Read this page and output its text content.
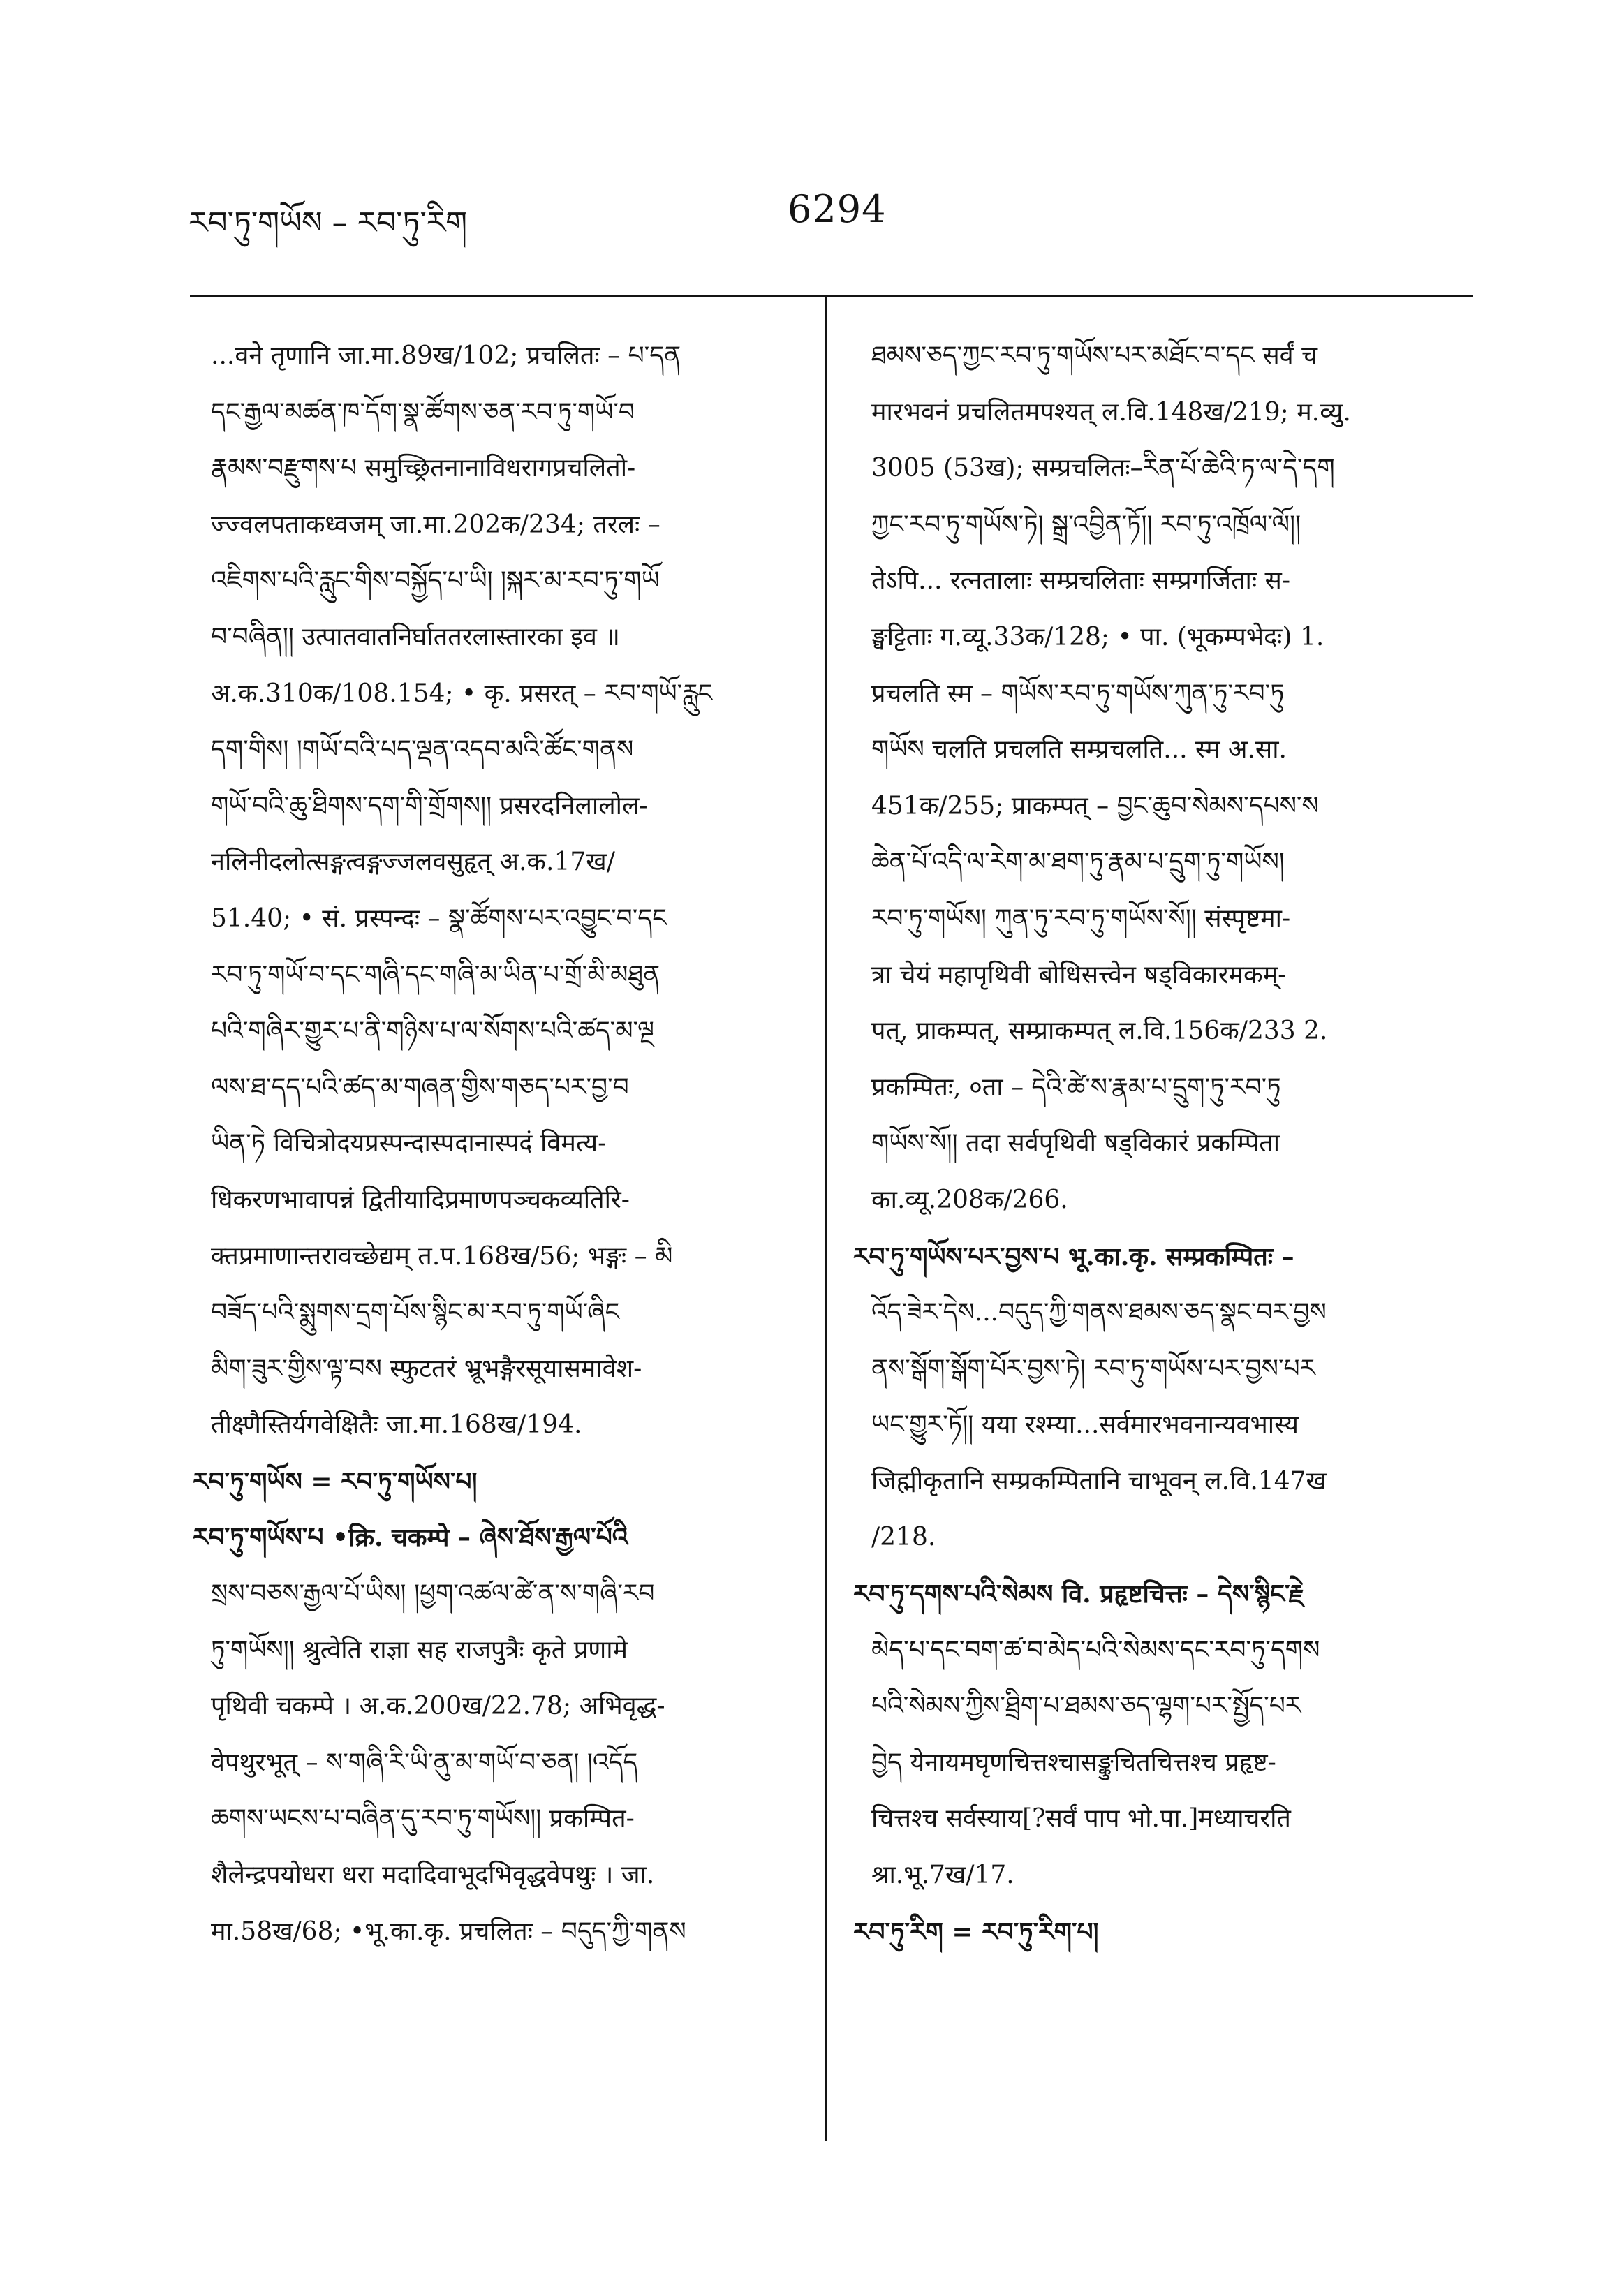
རབ་ཏུ་གཡོས – རབ་ཏུ་རིག	6294
...वने तृणानि जा.मा.89ख/102; प्रचलितः – པ་དན
དང་རྒྱལ་མཚན་ཁ་དོག་སྣ་ཚོགས་ཅན་རབ་ཏུ་གཡོ་བ
རྣམས་བརྫུགས་པ समुच्छ्रितनानाविधरागप्रचलितो-
ज्ज्वलपताकध्वजम् जा.मा.202क/234; तरलः –
འཇིགས་པའི་རླུང་གིས་བསྐྱོད་པ་ཡི། །སྐར་མ་རབ་ཏུ་གཡོ
བ་བཞིན།། उत्पातवातनिर्घाततरलास्तारका इव ॥
अ.क.310क/108.154; • कृ. प्रसरत् – རབ་གཡོ་རླུང
དག་གིས། །གཡོ་བའི་པད་ལྡན་འདབ་མའི་ཚོང་གནས
གཡོ་བའི་ཆུ་ཐིགས་དག་གི་གྲོགས།། प्रसरदनिलालोल-
नलिनीदलोत्सङ्गत्वङ्गज्जलवसुहृत् अ.क.17ख/
51.40; • सं. प्रस्पन्दः – སྣ་ཚོགས་པར་འབྱུང་བ་དང
རབ་ཏུ་གཡོ་བ་དང་གཞི་དང་གཞི་མ་ཡིན་པ་གྲོ་མི་མཐུན
པའི་གཞིར་གྱུར་པ་ནི་གཉིས་པ་ལ་སོགས་པའི་ཚད་མ་ལྔ
ལས་ཐ་དད་པའི་ཚད་མ་གཞན་གྱིས་གཅད་པར་བྱ་བ
ཡིན་ཏེ विचित्रोदयप्रस्पन्दास्पदानास्पदं विमत्य-
धिकरणभावापन्नं द्वितीयादिप्रमाणपञ्चकव्यतिरि-
क्तप्रमाणान्तरावच्छेद्यम् त.प.168ख/56; भङ्गः – མི
བཟོད་པའི་སྨུགས་དྲག་པོས་སྙིང་མ་རབ་ཏུ་གཡོ་ཞིང
མིག་ཟུར་གྱིས་ལྟ་བས स्फुटतरं भ्रूभङ्गैरसूयासमावेश-
तीक्ष्णैस्तिर्यगवेक्षितैः जा.मा.168ख/194.
རབ་ཏུ་གཡོས = རབ་ཏུ་གཡོས་པ།
རབ་ཏུ་གཡོས་པ •क्रि. चकम्पे – ཞེས་ཐོས་རྒྱལ་པོའི
སྲས་བཅས་རྒྱལ་པོ་ཡིས། །ཕྱག་འཚལ་ཚེ་ན་ས་གཞི་རབ
ཏུ་གཡོས།། श्रुत्वेति राज्ञा सह राजपुत्रैः कृते प्रणामे
पृथिवी चकम्पे । अ.क.200ख/22.78; अभिवृद्ध-
वेपथुरभूत् – ས་གཞི་རི་ཡི་ནུ་མ་གཡོ་བ་ཅན། །འདོད
ཆགས་ཡངས་པ་བཞིན་དུ་རབ་ཏུ་གཡོས།། प्रकम्पित-
शैलेन्द्रपयोधरा धरा मदादिवाभूदभिवृद्धवेपथुः । जा.
मा.58ख/68; •भू.का.कृ. प्रचलितः – བདུད་ཀྱི་གནས
ཐམས་ཅད་ཀྱང་རབ་ཏུ་གཡོས་པར་མཐོང་བ་དང सर्वं च
मारभवनं प्रचलितमपश्यत् ल.वि.148ख/219; म.व्यु.
3005 (53ख); सम्प्रचलितः–རིན་པོ་ཆེའི་ཏ་ལ་དེ་དག
ཀྱང་རབ་ཏུ་གཡོས་ཏེ། སྒྲ་འབྱིན་ཏོ།། རབ་ཏུ་འཁྲོལ་ལོ།།
तेऽपि... रत्नतालाः सम्प्रचलिताः सम्प्रगर्जिताः स-
ङ्घट्टिताः ग.व्यू.33क/128; • पा. (भूकम्पभेदः) 1.
प्रचलति स्म – གཡོས་རབ་ཏུ་གཡོས་ཀུན་ཏུ་རབ་ཏུ
གཡོས चलति प्रचलति सम्प्रचलति... स्म अ.सा.
451क/255; प्राकम्पत् – བྱང་ཆུབ་སེམས་དཔས་ས
ཆེན་པོ་འདི་ལ་རེག་མ་ཐག་ཏུ་རྣམ་པ་དྲུག་ཏུ་གཡོས།
རབ་ཏུ་གཡོས། ཀུན་ཏུ་རབ་ཏུ་གཡོས་སོ།། संस्पृष्टमा-
त्रा चेयं महापृथिवी बोधिसत्त्वेन षड्विकारमकम्-
पत्, प्राकम्पत्, सम्प्राकम्पत् ल.वि.156क/233 2.
प्रकम्पितः, ०ता – དེའི་ཚེ་ས་རྣམ་པ་དྲུག་ཏུ་རབ་ཏུ
གཡོས་སོ།། तदा सर्वपृथिवी षड्विकारं प्रकम्पिता
का.व्यू.208क/266.
རབ་ཏུ་གཡོས་པར་བྱས་པ भू.का.कृ. सम्प्रकम्पितः –
འོད་ཟེར་དེས...བདུད་ཀྱི་གནས་ཐམས་ཅད་སྣང་བར་བྱས
ནས་སྒོག་སྒོག་པོར་བྱས་ཏེ། རབ་ཏུ་གཡོས་པར་བྱས་པར
ཡང་གྱུར་ཏོ།། यया रश्म्या...सर्वमारभवनान्यवभास्य
जिह्मीकृतानि सम्प्रकम्पितानि चाभूवन् ल.वि.147ख
/218.
རབ་ཏུ་དགས་པའི་སེམས वि. प्रहृष्टचित्तः – དེས་སྙིང་རྗེ
མེད་པ་དང་བག་ཚ་བ་མེད་པའི་སེམས་དང་རབ་ཏུ་དགས
པའི་སེམས་ཀྱིས་ཐྲིག་པ་ཐམས་ཅད་ལྷག་པར་སྤྱོད་པར
བྱེད येनायमघृणचित्तश्चासङ्कुचितचित्तश्च प्रहृष्ट-
चित्तश्च सर्वस्याय[?सर्वं पाप भो.पा.]मध्याचरति
श्रा.भू.7ख/17.
རབ་ཏུ་རིག = རབ་ཏུ་རིག་པ།
